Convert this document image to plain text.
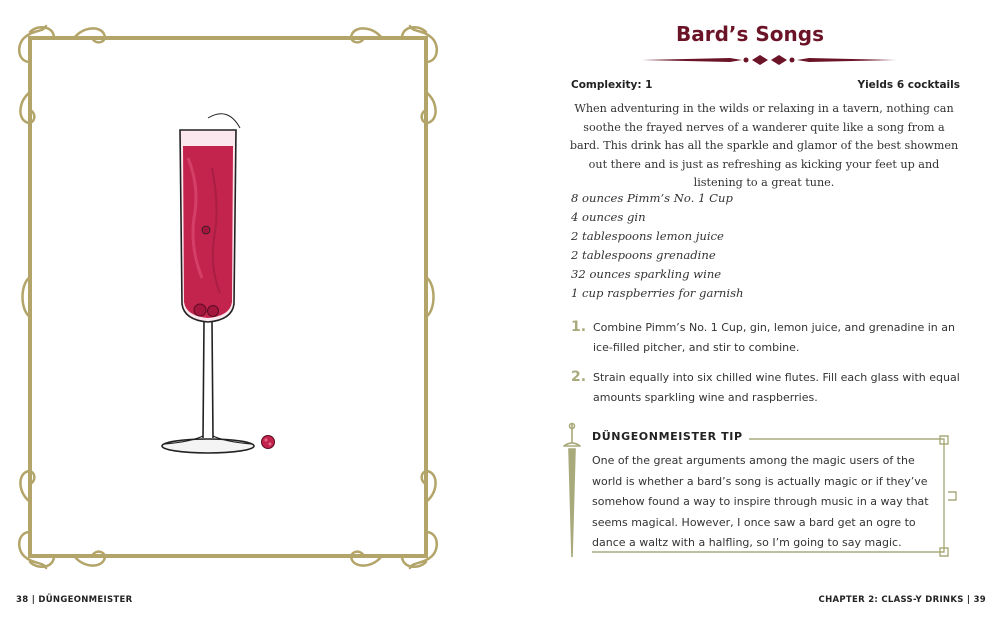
38 | DÜNGEONMEISTER
Bard’s Songs
Complexity: 1	Yields 6 cocktails

When adventuring in the wilds or relaxing in a tavern, nothing can soothe the frayed nerves of a wanderer quite like a song from a bard. This drink has all the sparkle and glamor of the best showmen out there and is just as refreshing as kicking your feet up and listening to a great tune.

8 ounces Pimm’s No. 1 Cup
4 ounces gin
2 tablespoons lemon juice
2 tablespoons grenadine
32 ounces sparkling wine
1 cup raspberries for garnish
1. Combine Pimm’s No. 1 Cup, gin, lemon juice, and grenadine in an ice-filled pitcher, and stir to combine.
2. Strain equally into six chilled wine flutes. Fill each glass with equal amounts sparkling wine and raspberries.
DÜNGEONMEISTER TIP
One of the great arguments among the magic users of the world is whether a bard’s song is actually magic or if they’ve somehow found a way to inspire through music in a way that seems magical. However, I once saw a bard get an ogre to dance a waltz with a halfling, so I’m going to say magic.
CHAPTER 2: CLASS-Y DRINKS | 39
